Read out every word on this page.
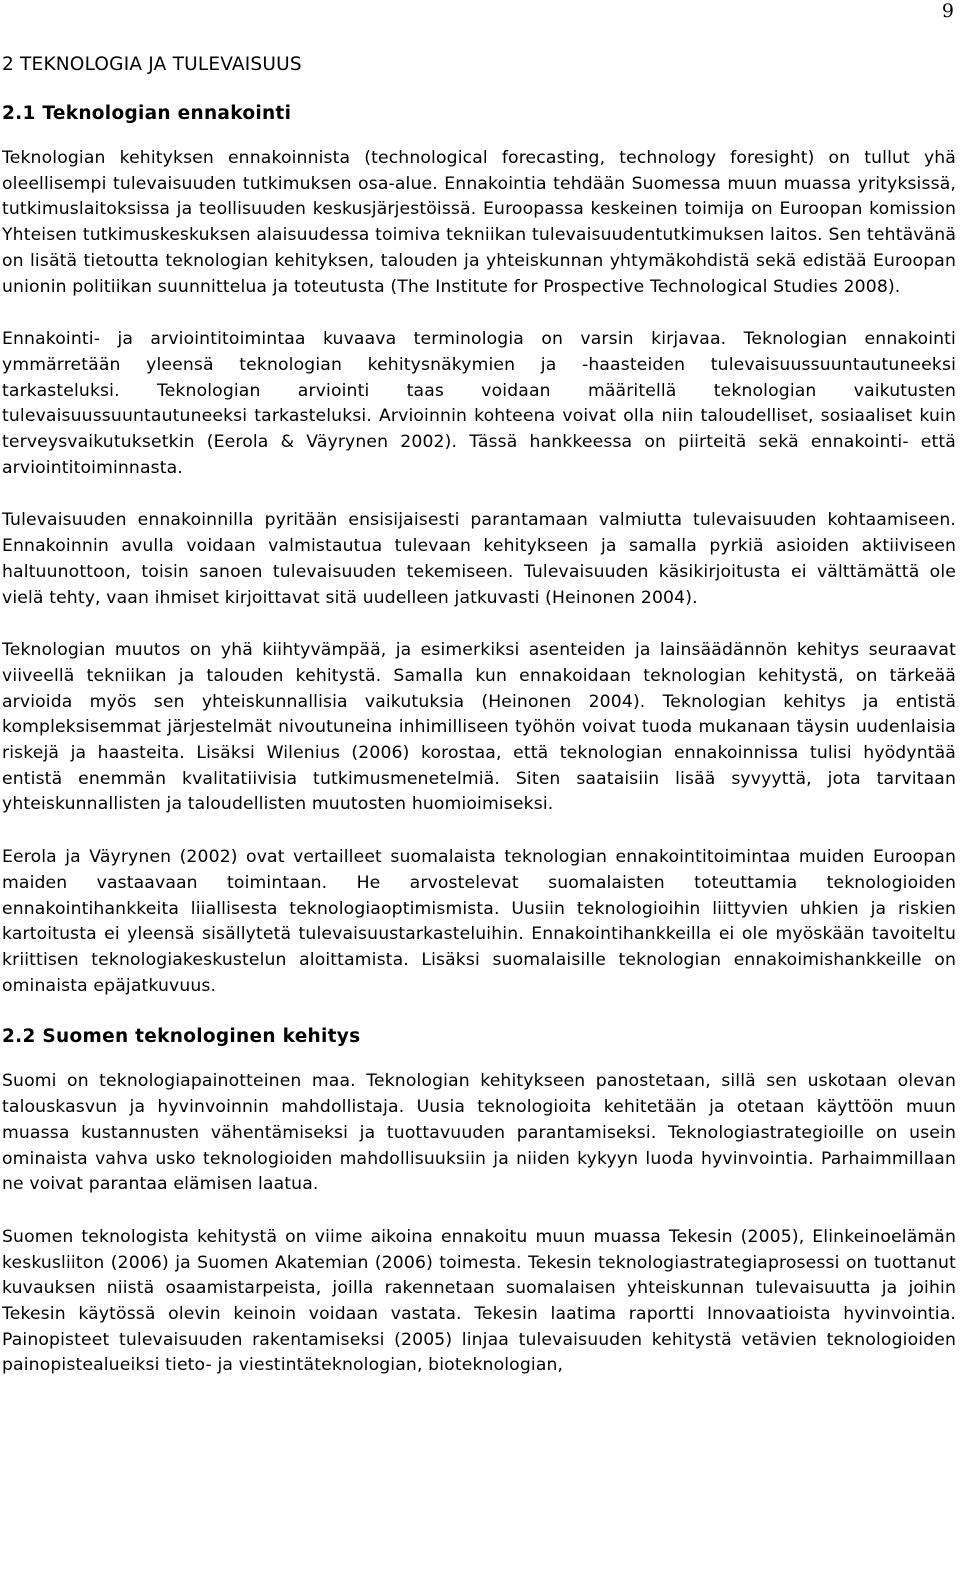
9
2 TEKNOLOGIA JA TULEVAISUUS
2.1 Teknologian ennakointi

Teknologian kehityksen ennakoinnista (technological forecasting, technology foresight) on tullut yhä oleellisempi tulevaisuuden tutkimuksen osa-alue. Ennakointia tehdään Suomessa muun muassa yrityksissä, tutkimuslaitoksissa ja teollisuuden keskusjärjestöissä. Euroopassa keskeinen toimija on Euroopan komission Yhteisen tutkimuskeskuksen alaisuudessa toimiva tekniikan tulevaisuudentutkimuksen laitos. Sen tehtävänä on lisätä tietoutta teknologian kehityksen, talouden ja yhteiskunnan yhtymäkohdistä sekä edistää Euroopan unionin politiikan suunnittelua ja toteutusta (The Institute for Prospective Technological Studies 2008).

Ennakointi- ja arviointitoimintaa kuvaava terminologia on varsin kirjavaa. Teknologian ennakointi ymmärretään yleensä teknologian kehitysnäkymien ja -haasteiden tulevaisuussuuntautuneeksi tarkasteluksi. Teknologian arviointi taas voidaan määritellä teknologian vaikutusten tulevaisuussuuntautuneeksi tarkasteluksi. Arvioinnin kohteena voivat olla niin taloudelliset, sosiaaliset kuin terveysvaikutuksetkin (Eerola & Väyrynen 2002). Tässä hankkeessa on piirteitä sekä ennakointi- että arviointitoiminnasta.

Tulevaisuuden ennakoinnilla pyritään ensisijaisesti parantamaan valmiutta tulevaisuuden kohtaamiseen. Ennakoinnin avulla voidaan valmistautua tulevaan kehitykseen ja samalla pyrkiä asioiden aktiiviseen haltuunottoon, toisin sanoen tulevaisuuden tekemiseen. Tulevaisuuden käsikirjoitusta ei välttämättä ole vielä tehty, vaan ihmiset kirjoittavat sitä uudelleen jatkuvasti (Heinonen 2004).

Teknologian muutos on yhä kiihtyvämpää, ja esimerkiksi asenteiden ja lainsäädännön kehitys seuraavat viiveellä tekniikan ja talouden kehitystä. Samalla kun ennakoidaan teknologian kehitystä, on tärkeää arvioida myös sen yhteiskunnallisia vaikutuksia (Heinonen 2004). Teknologian kehitys ja entistä kompleksisemmat järjestelmät nivoutuneina inhimilliseen työhön voivat tuoda mukanaan täysin uudenlaisia riskejä ja haasteita. Lisäksi Wilenius (2006) korostaa, että teknologian ennakoinnissa tulisi hyödyntää entistä enemmän kvalitatiivisia tutkimusmenetelmiä. Siten saataisiin lisää syvyyttä, jota tarvitaan yhteiskunnallisten ja taloudellisten muutosten huomioimiseksi.

Eerola ja Väyrynen (2002) ovat vertailleet suomalaista teknologian ennakointitoimintaa muiden Euroopan maiden vastaavaan toimintaan. He arvostelevat suomalaisten toteuttamia teknologioiden ennakointihankkeita liiallisesta teknologiaoptimismista. Uusiin teknologioihin liittyvien uhkien ja riskien kartoitusta ei yleensä sisällytetä tulevaisuustarkasteluihin. Ennakointihankkeilla ei ole myöskään tavoiteltu kriittisen teknologiakeskustelun aloittamista. Lisäksi suomalaisille teknologian ennakoimishankkeille on ominaista epäjatkuvuus.

2.2 Suomen teknologinen kehitys

Suomi on teknologiapainotteinen maa. Teknologian kehitykseen panostetaan, sillä sen uskotaan olevan talouskasvun ja hyvinvoinnin mahdollistaja. Uusia teknologioita kehitetään ja otetaan käyttöön muun muassa kustannusten vähentämiseksi ja tuottavuuden parantamiseksi. Teknologiastrategioille on usein ominaista vahva usko teknologioiden mahdollisuuksiin ja niiden kykyyn luoda hyvinvointia. Parhaimmillaan ne voivat parantaa elämisen laatua.

Suomen teknologista kehitystä on viime aikoina ennakoitu muun muassa Tekesin (2005), Elinkeinoelämän keskusliiton (2006) ja Suomen Akatemian (2006) toimesta. Tekesin teknologiastrategiaprosessi on tuottanut kuvauksen niistä osaamistarpeista, joilla rakennetaan suomalaisen yhteiskunnan tulevaisuutta ja joihin Tekesin käytössä olevin keinoin voidaan vastata. Tekesin laatima raportti Innovaatioista hyvinvointia. Painopisteet tulevaisuuden rakentamiseksi (2005) linjaa tulevaisuuden kehitystä vetävien teknologioiden painopistealueiksi tieto- ja viestintäteknologian, bioteknologian,
